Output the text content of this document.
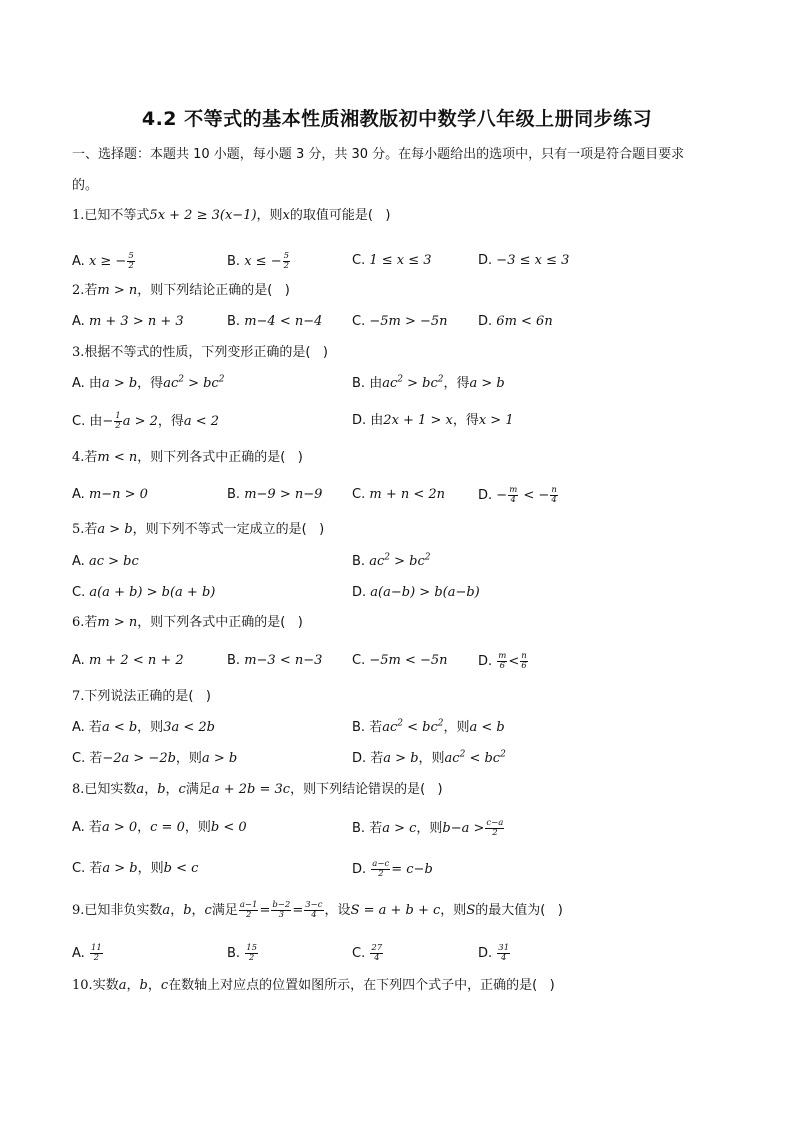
4.2 不等式的基本性质湘教版初中数学八年级上册同步练习
一、选择题：本题共 10 小题，每小题 3 分，共 30 分。在每小题给出的选项中，只有一项是符合题目要求
的。
1.已知不等式5x + 2 ≥ 3(x−1)，则x的取值可能是(   )
A. x ≥ − $\frac{5}{2}$	B. x ≤ − $\frac{5}{2}$	C. 1 ≤ x ≤ 3	D. −3 ≤ x ≤ 3
2.若m > n，则下列结论正确的是(   )
A. m + 3 > n + 3	B. m−4 < n−4 C. −5m > −5n D. 6m < 6n
3.根据不等式的性质，下列变形正确的是(   )
A. 由a > b，得$ac^2 > bc^2$	B. 由$ac^2 > bc^2$，得a > b
C. 由− $\frac{1}{2}$ a > 2，得a < 2	D. 由2x + 1 > x，得x > 1
4.若m < n，则下列各式中正确的是(   )
A. m−n > 0	B. m−9 > n−9 C. m + n < 2n	D. − $\frac{m}{4}$ < − $\frac{n}{4}$
5.若a > b，则下列不等式一定成立的是(   )
A. ac > bc	B. $ac^2 > bc^2$
C. a(a + b) > b(a + b)	D. a(a−b) > b(a−b)
6.若m > n，则下列各式中正确的是(   )
A. m + 2 < n + 2	B. m−3 < n−3 C. −5m < −5n D. $\frac{m}{6} < \frac{n}{6}$
7.下列说法正确的是(   )
A. 若a < b，则3a < 2b	B. 若$ac^2 < bc^2$，则a < b
C. 若−2a > −2b，则a > b	D. 若a > b，则$ac^2 < bc^2$
8.已知实数a，b，c满足a + 2b = 3c，则下列结论错误的是(   )
A. 若a > 0，c = 0，则b < 0	B. 若a > c，则$b-a > \frac{c-a}{2}$
C. 若a > b，则b < c	D. $\frac{a-c}{2} = c-b$
9.已知非负实数a，b，c满足 $\frac{a-1}{2} = \frac{b-2}{3} = \frac{3-c}{4}$ ，设S = a + b + c，则S的最大值为(   )
A. $\frac{11}{2}$	B. $\frac{15}{2}$	C. $\frac{27}{4}$	D. $\frac{31}{4}$
10.实数a，b，c在数轴上对应点的位置如图所示，在下列四个式子中，正确的是(   )
